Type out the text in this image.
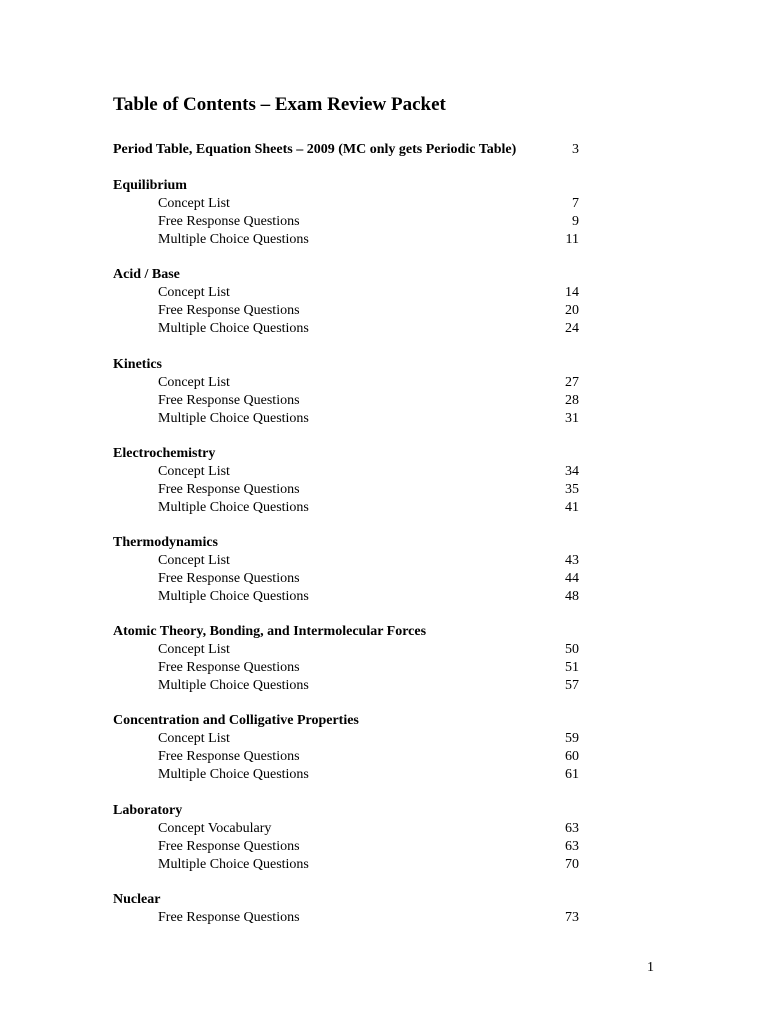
Table of Contents – Exam Review Packet
Period Table, Equation Sheets – 2009 (MC only gets Periodic Table)	3
Equilibrium
Concept List	7
Free Response Questions	9
Multiple Choice Questions	11
Acid / Base
Concept List	14
Free Response Questions	20
Multiple Choice Questions	24
Kinetics
Concept List	27
Free Response Questions	28
Multiple Choice Questions	31
Electrochemistry
Concept List	34
Free Response Questions	35
Multiple Choice Questions	41
Thermodynamics
Concept List	43
Free Response Questions	44
Multiple Choice Questions	48
Atomic Theory, Bonding, and Intermolecular Forces
Concept List	50
Free Response Questions	51
Multiple Choice Questions	57
Concentration and Colligative Properties
Concept List	59
Free Response Questions	60
Multiple Choice Questions	61
Laboratory
Concept Vocabulary	63
Free Response Questions	63
Multiple Choice Questions	70
Nuclear
Free Response Questions	73
1
